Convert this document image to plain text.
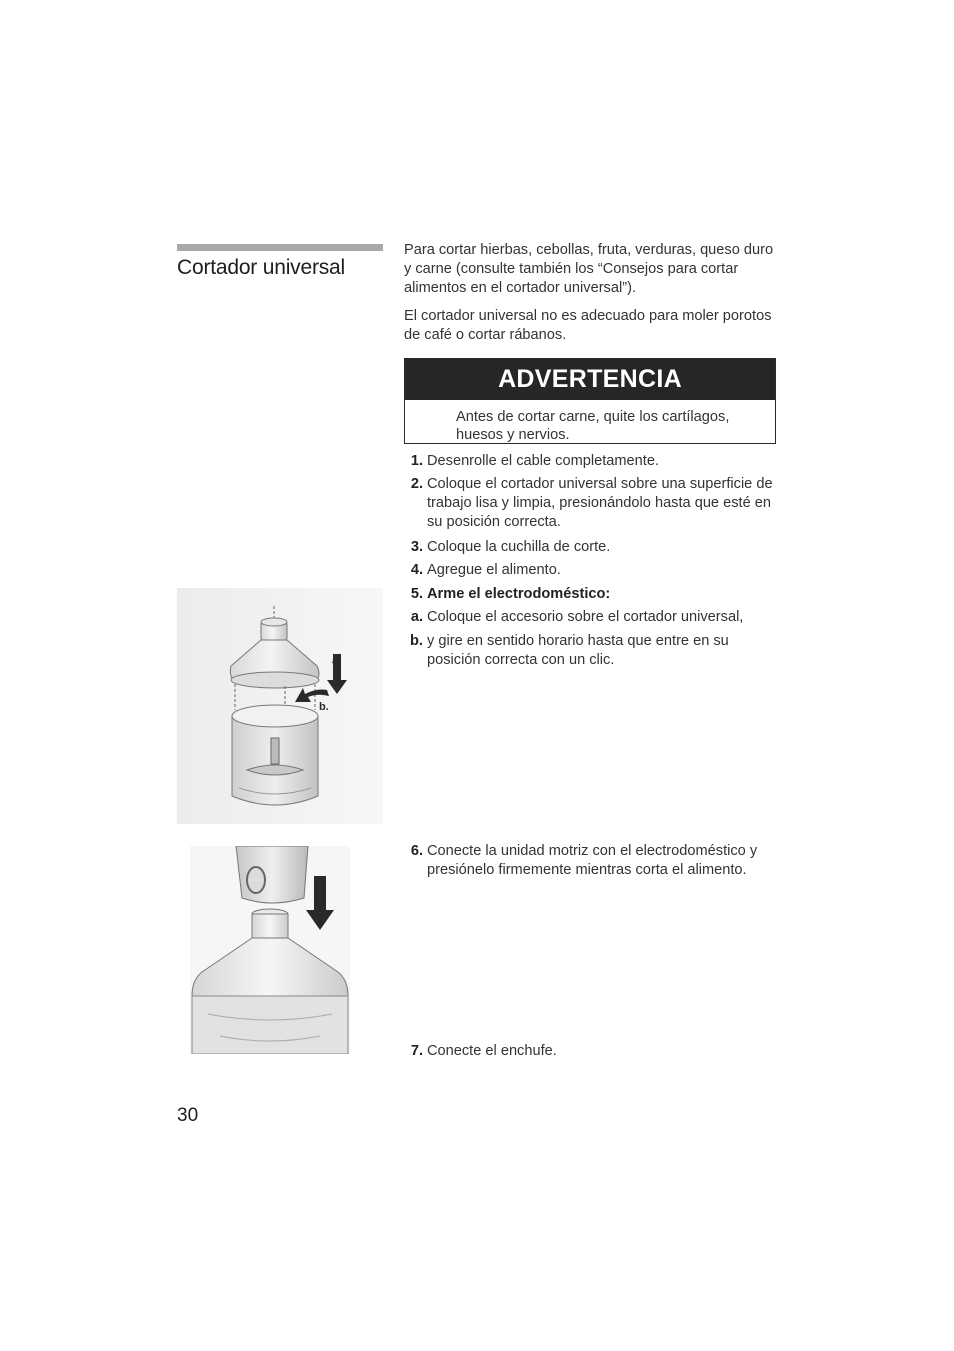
Cortador universal

Para cortar hierbas, cebollas, fruta, verduras, queso duro y carne (consulte también los “Consejos para cortar alimentos en el cortador universal”).

El cortador universal no es adecuado para moler porotos de café o cortar rábanos.

ADVERTENCIA

Antes de cortar carne, quite los cartílagos, huesos y nervios.

1. Desenrolle el cable completamente.
2. Coloque el cortador universal sobre una superficie de trabajo lisa y limpia, presionándolo hasta que esté en su posición correcta.
3. Coloque la cuchilla de corte.
4. Agregue el alimento.
5. Arme el electrodoméstico:
a. Coloque el accesorio sobre el cortador universal,
b. y gire en sentido horario hasta que entre en su posición correcta con un clic.
6. Conecte la unidad motriz con el electrodoméstico y presiónelo firmemente mientras corta el alimento.
7. Conecte el enchufe.
a.
b.
30
